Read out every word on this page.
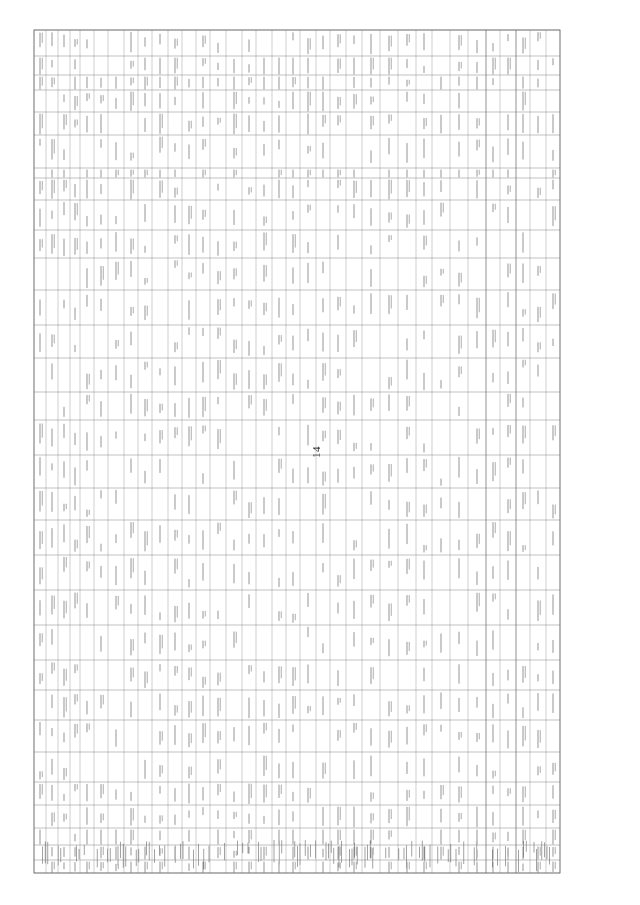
14
